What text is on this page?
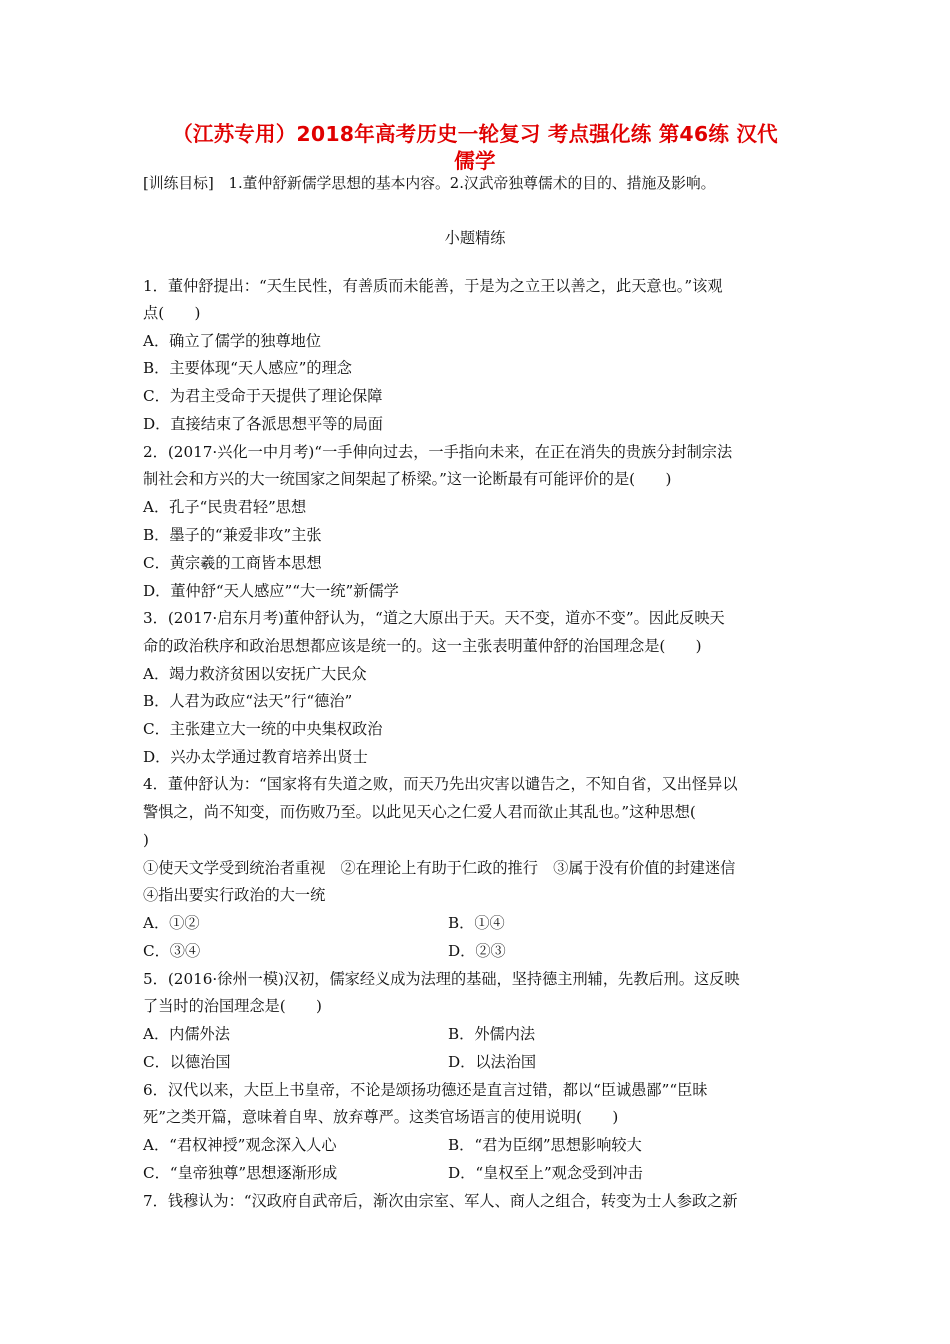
（江苏专用）2018年高考历史一轮复习 考点强化练 第46练 汉代
儒学
[训练目标]　1.董仲舒新儒学思想的基本内容。2.汉武帝独尊儒术的目的、措施及影响。
小题精练
1．董仲舒提出：“天生民性，有善质而未能善，于是为之立王以善之，此天意也。”该观
点(　　)
A．确立了儒学的独尊地位
B．主要体现“天人感应”的理念
C．为君主受命于天提供了理论保障
D．直接结束了各派思想平等的局面
2．(2017·兴化一中月考)“一手伸向过去，一手指向未来，在正在消失的贵族分封制宗法
制社会和方兴的大一统国家之间架起了桥梁。”这一论断最有可能评价的是(　　)
A．孔子“民贵君轻”思想
B．墨子的“兼爱非攻”主张
C．黄宗羲的工商皆本思想
D．董仲舒“天人感应”“大一统”新儒学
3．(2017·启东月考)董仲舒认为，“道之大原出于天。天不变，道亦不变”。因此反映天
命的政治秩序和政治思想都应该是统一的。这一主张表明董仲舒的治国理念是(　　)
A．竭力救济贫困以安抚广大民众
B．人君为政应“法天”行“德治”
C．主张建立大一统的中央集权政治
D．兴办太学通过教育培养出贤士
4．董仲舒认为：“国家将有失道之败，而天乃先出灾害以谴告之，不知自省，又出怪异以
警惧之，尚不知变，而伤败乃至。以此见天心之仁爱人君而欲止其乱也。”这种思想(
)
①使天文学受到统治者重视　②在理论上有助于仁政的推行　③属于没有价值的封建迷信
④指出要实行政治的大一统
A．①②	B．①④
C．③④	D．②③
5．(2016·徐州一模)汉初，儒家经义成为法理的基础，坚持德主刑辅，先教后刑。这反映
了当时的治国理念是(　　)
A．内儒外法	B．外儒内法
C．以德治国	D．以法治国
6．汉代以来，大臣上书皇帝，不论是颂扬功德还是直言过错，都以“臣诚愚鄙”“臣昧
死”之类开篇，意味着自卑、放弃尊严。这类官场语言的使用说明(　　)
A．“君权神授”观念深入人心	B．“君为臣纲”思想影响较大
C．“皇帝独尊”思想逐渐形成	D．“皇权至上”观念受到冲击
7．钱穆认为：“汉政府自武帝后，渐次由宗室、军人、商人之组合，转变为士人参政之新
